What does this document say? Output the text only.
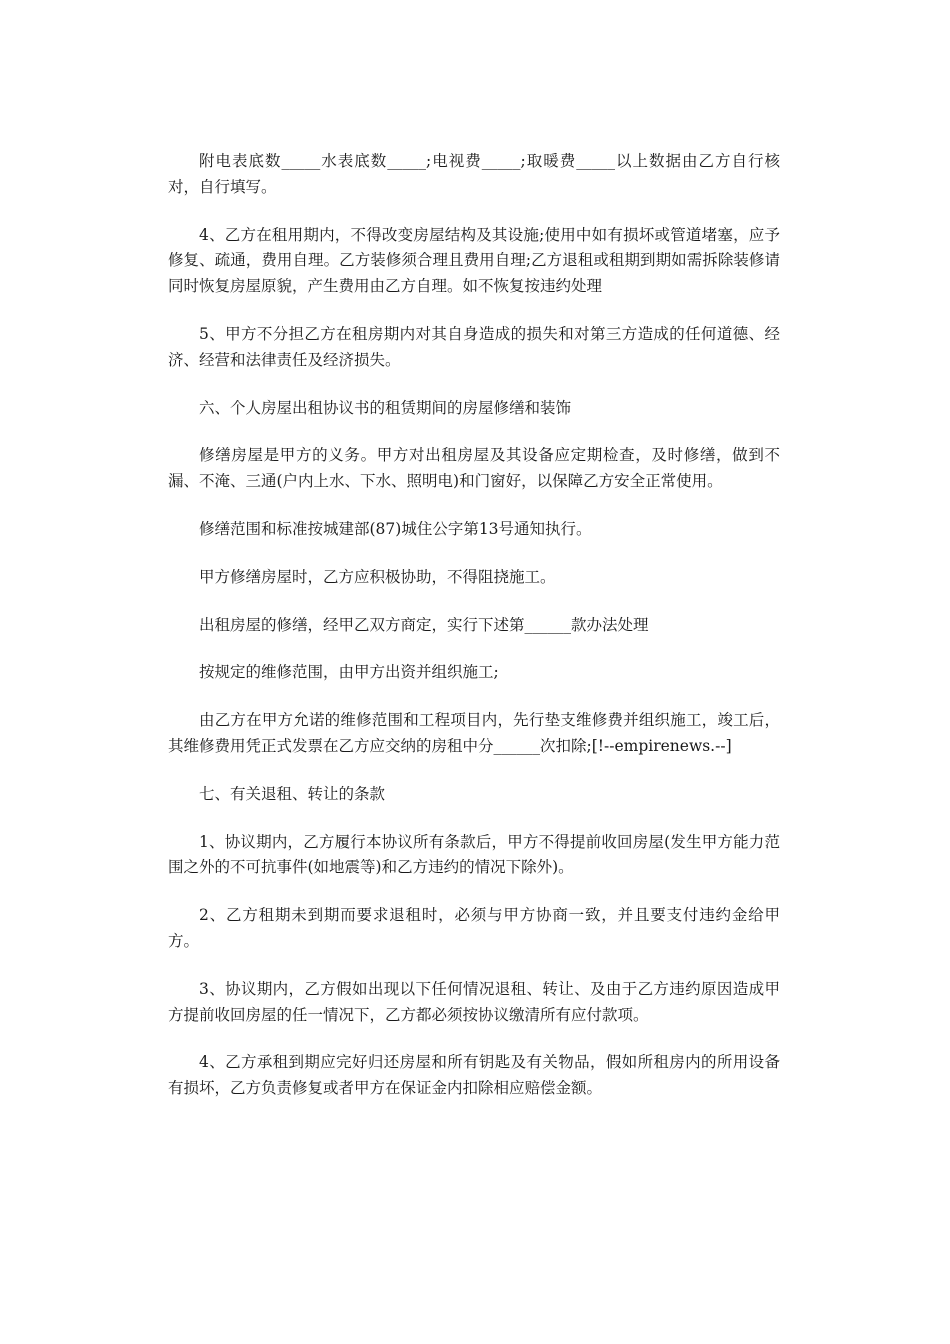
附电表底数_____水表底数_____;电视费_____;取暖费_____以上数据由乙方自行核对，自行填写。

4、乙方在租用期内，不得改变房屋结构及其设施;使用中如有损坏或管道堵塞，应予修复、疏通，费用自理。乙方装修须合理且费用自理;乙方退租或租期到期如需拆除装修请同时恢复房屋原貌，产生费用由乙方自理。如不恢复按违约处理

5、甲方不分担乙方在租房期内对其自身造成的损失和对第三方造成的任何道德、经济、经营和法律责任及经济损失。

六、个人房屋出租协议书的租赁期间的房屋修缮和装饰

修缮房屋是甲方的义务。甲方对出租房屋及其设备应定期检查，及时修缮，做到不漏、不淹、三通(户内上水、下水、照明电)和门窗好，以保障乙方安全正常使用。

修缮范围和标准按城建部(87)城住公字第13号通知执行。

甲方修缮房屋时，乙方应积极协助，不得阻挠施工。

出租房屋的修缮，经甲乙双方商定，实行下述第______款办法处理

按规定的维修范围，由甲方出资并组织施工;

由乙方在甲方允诺的维修范围和工程项目内，先行垫支维修费并组织施工，竣工后，其维修费用凭正式发票在乙方应交纳的房租中分______次扣除;[!--empirenews.--]

七、有关退租、转让的条款

1、协议期内，乙方履行本协议所有条款后，甲方不得提前收回房屋(发生甲方能力范围之外的不可抗事件(如地震等)和乙方违约的情况下除外)。

2、乙方租期未到期而要求退租时，必须与甲方协商一致，并且要支付违约金给甲方。

3、协议期内，乙方假如出现以下任何情况退租、转让、及由于乙方违约原因造成甲方提前收回房屋的任一情况下，乙方都必须按协议缴清所有应付款项。

4、乙方承租到期应完好归还房屋和所有钥匙及有关物品，假如所租房内的所用设备有损坏，乙方负责修复或者甲方在保证金内扣除相应赔偿金额。
